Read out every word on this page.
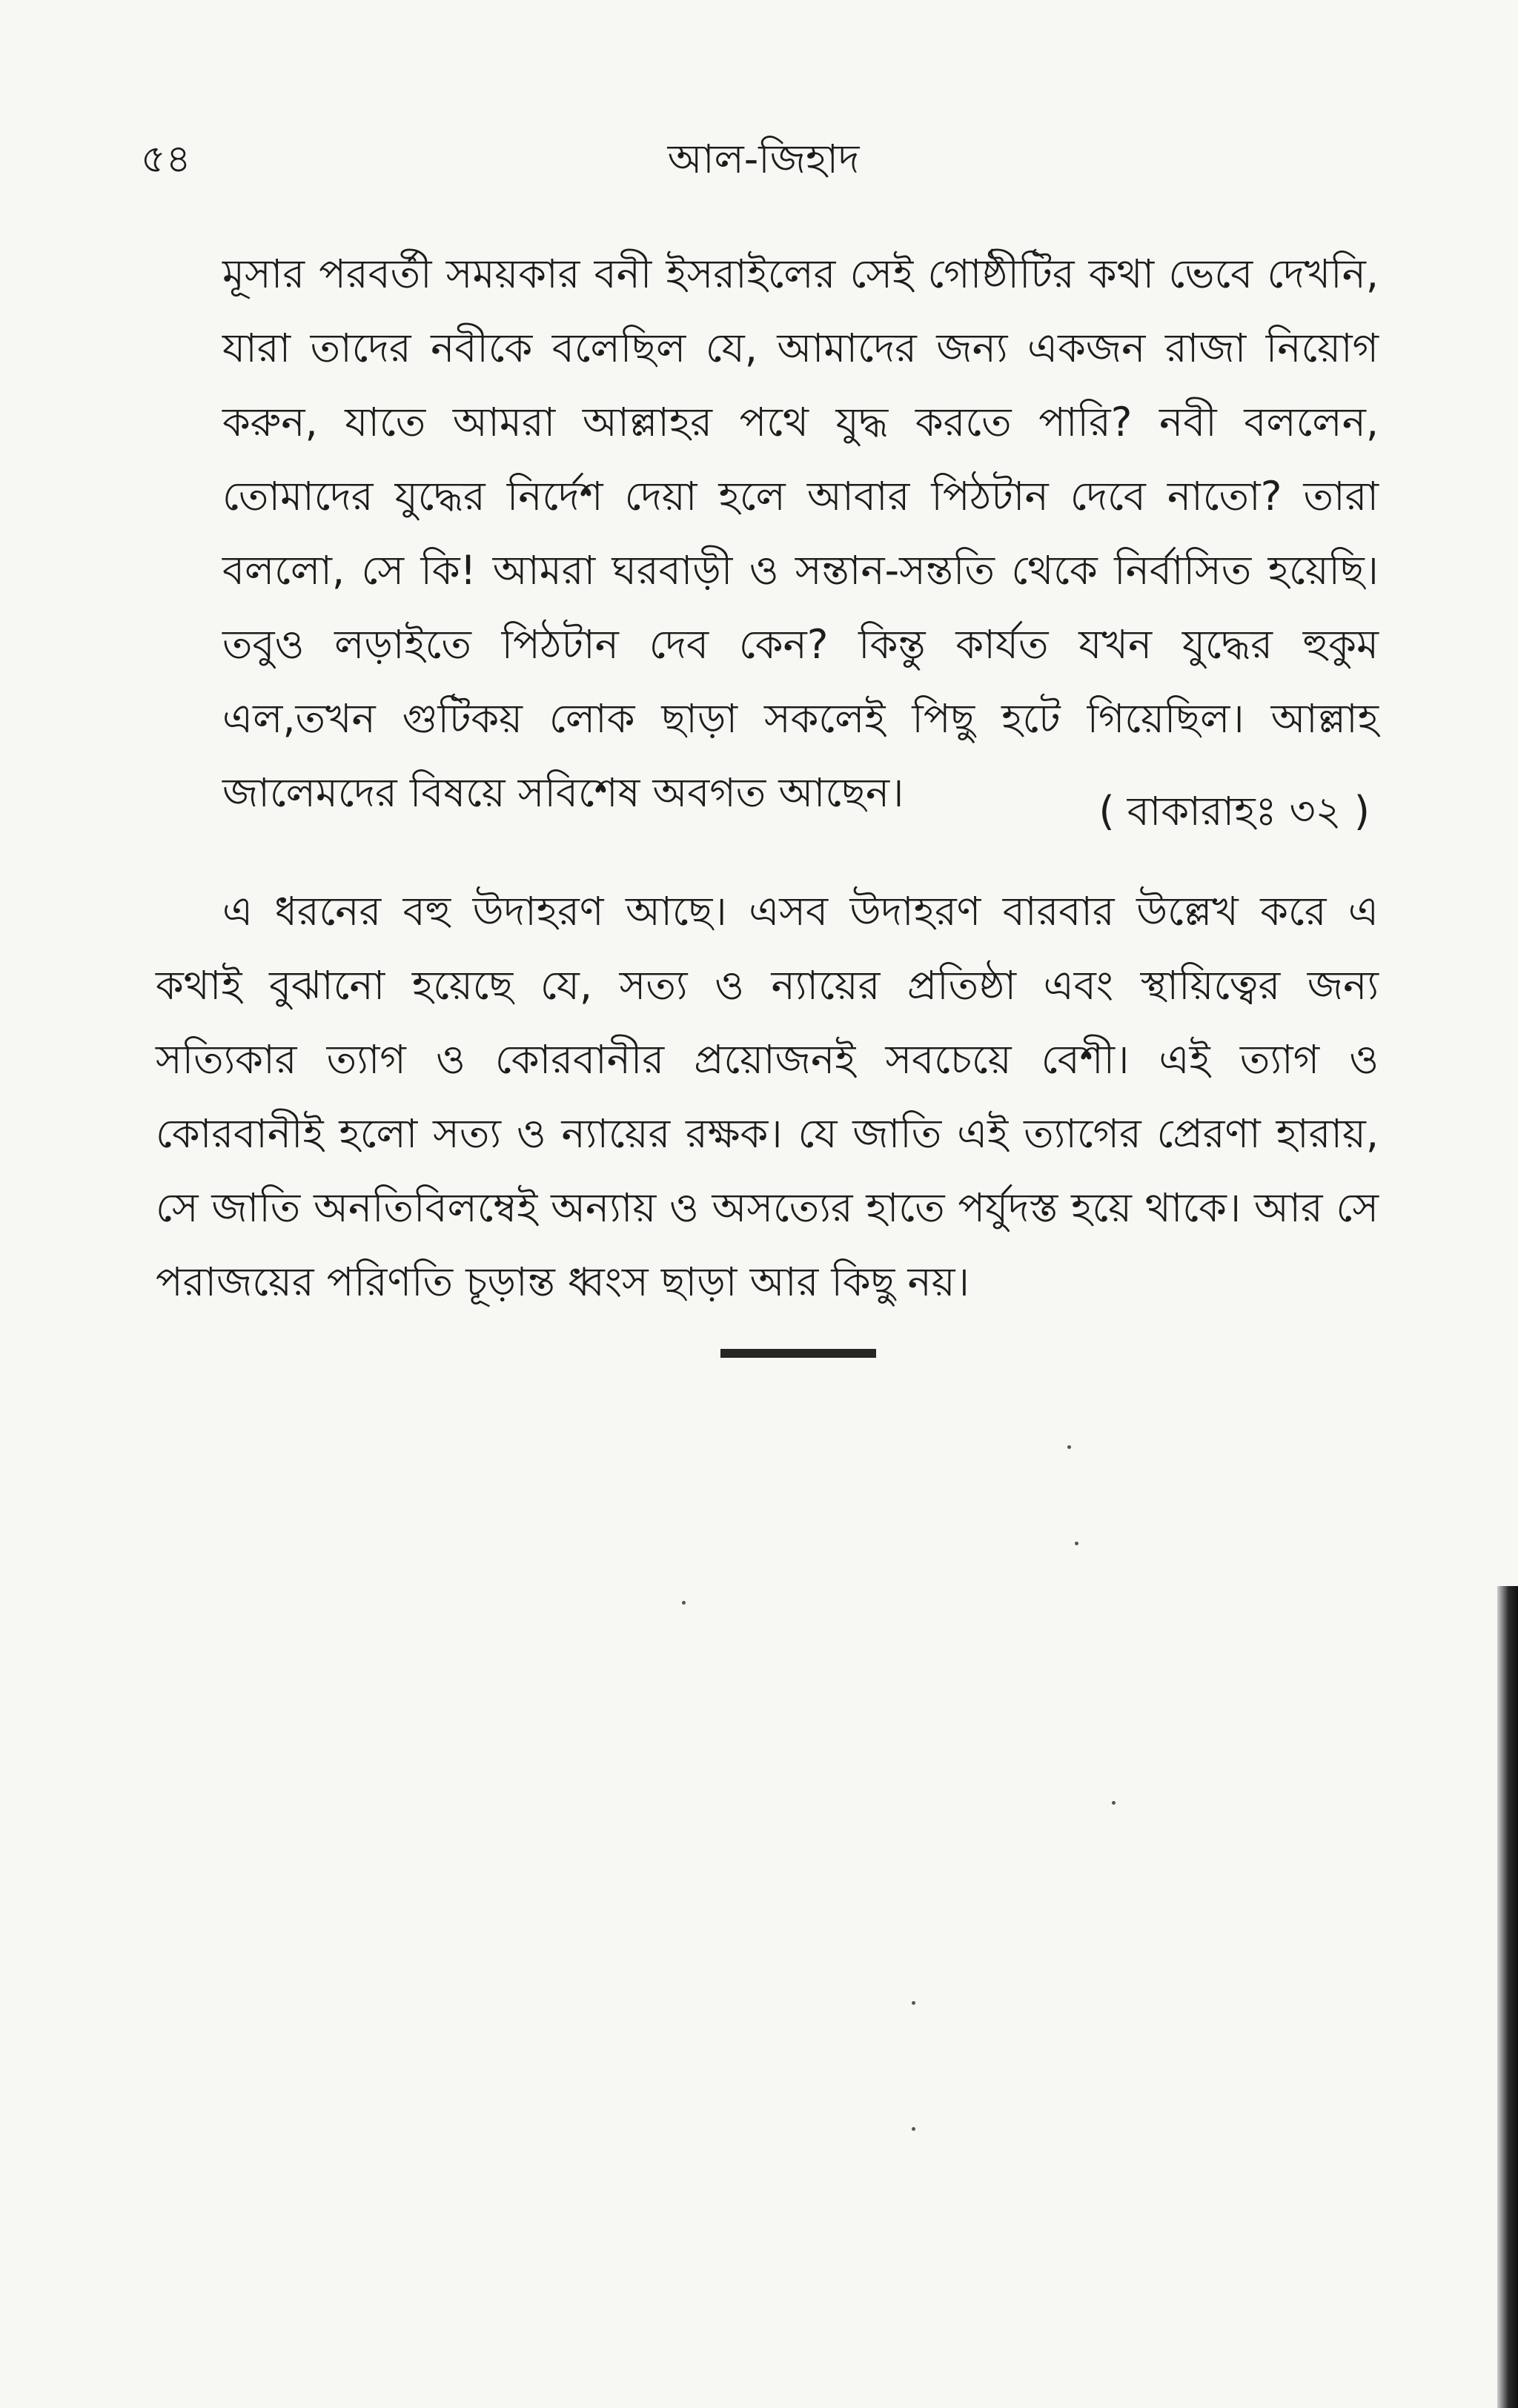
৫৪	আল-জিহাদ
মূসার পরবর্তী সময়কার বনী ইসরাইলের সেই গোষ্ঠীটির কথা ভেবে দেখনি, যারা তাদের নবীকে বলেছিল যে, আমাদের জন্য একজন রাজা নিয়োগ করুন, যাতে আমরা আল্লাহর পথে যুদ্ধ করতে পারি? নবী বললেন, তোমাদের যুদ্ধের নির্দেশ দেয়া হলে আবার পিঠটান দেবে নাতো? তারা বললো, সে কি! আমরা ঘরবাড়ী ও সন্তান-সন্ততি থেকে নির্বাসিত হয়েছি। তবুও লড়াইতে পিঠটান দেব কেন? কিন্তু কার্যত যখন যুদ্ধের হুকুম এল,তখন গুটিকয় লোক ছাড়া সকলেই পিছু হটে গিয়েছিল। আল্লাহ জালেমদের বিষয়ে সবিশেষ অবগত আছেন।	( বাকারাহঃ ৩২ )
এ ধরনের বহু উদাহরণ আছে। এসব উদাহরণ বারবার উল্লেখ করে এ কথাই বুঝানো হয়েছে যে, সত্য ও ন্যায়ের প্রতিষ্ঠা এবং স্থায়িত্বের জন্য সত্যিকার ত্যাগ ও কোরবানীর প্রয়োজনই সবচেয়ে বেশী। এই ত্যাগ ও কোরবানীই হলো সত্য ও ন্যায়ের রক্ষক। যে জাতি এই ত্যাগের প্রেরণা হারায়, সে জাতি অনতিবিলম্বেই অন্যায় ও অসত্যের হাতে পর্যুদস্ত হয়ে থাকে। আর সে পরাজয়ের পরিণতি চূড়ান্ত ধ্বংস ছাড়া আর কিছু নয়।
